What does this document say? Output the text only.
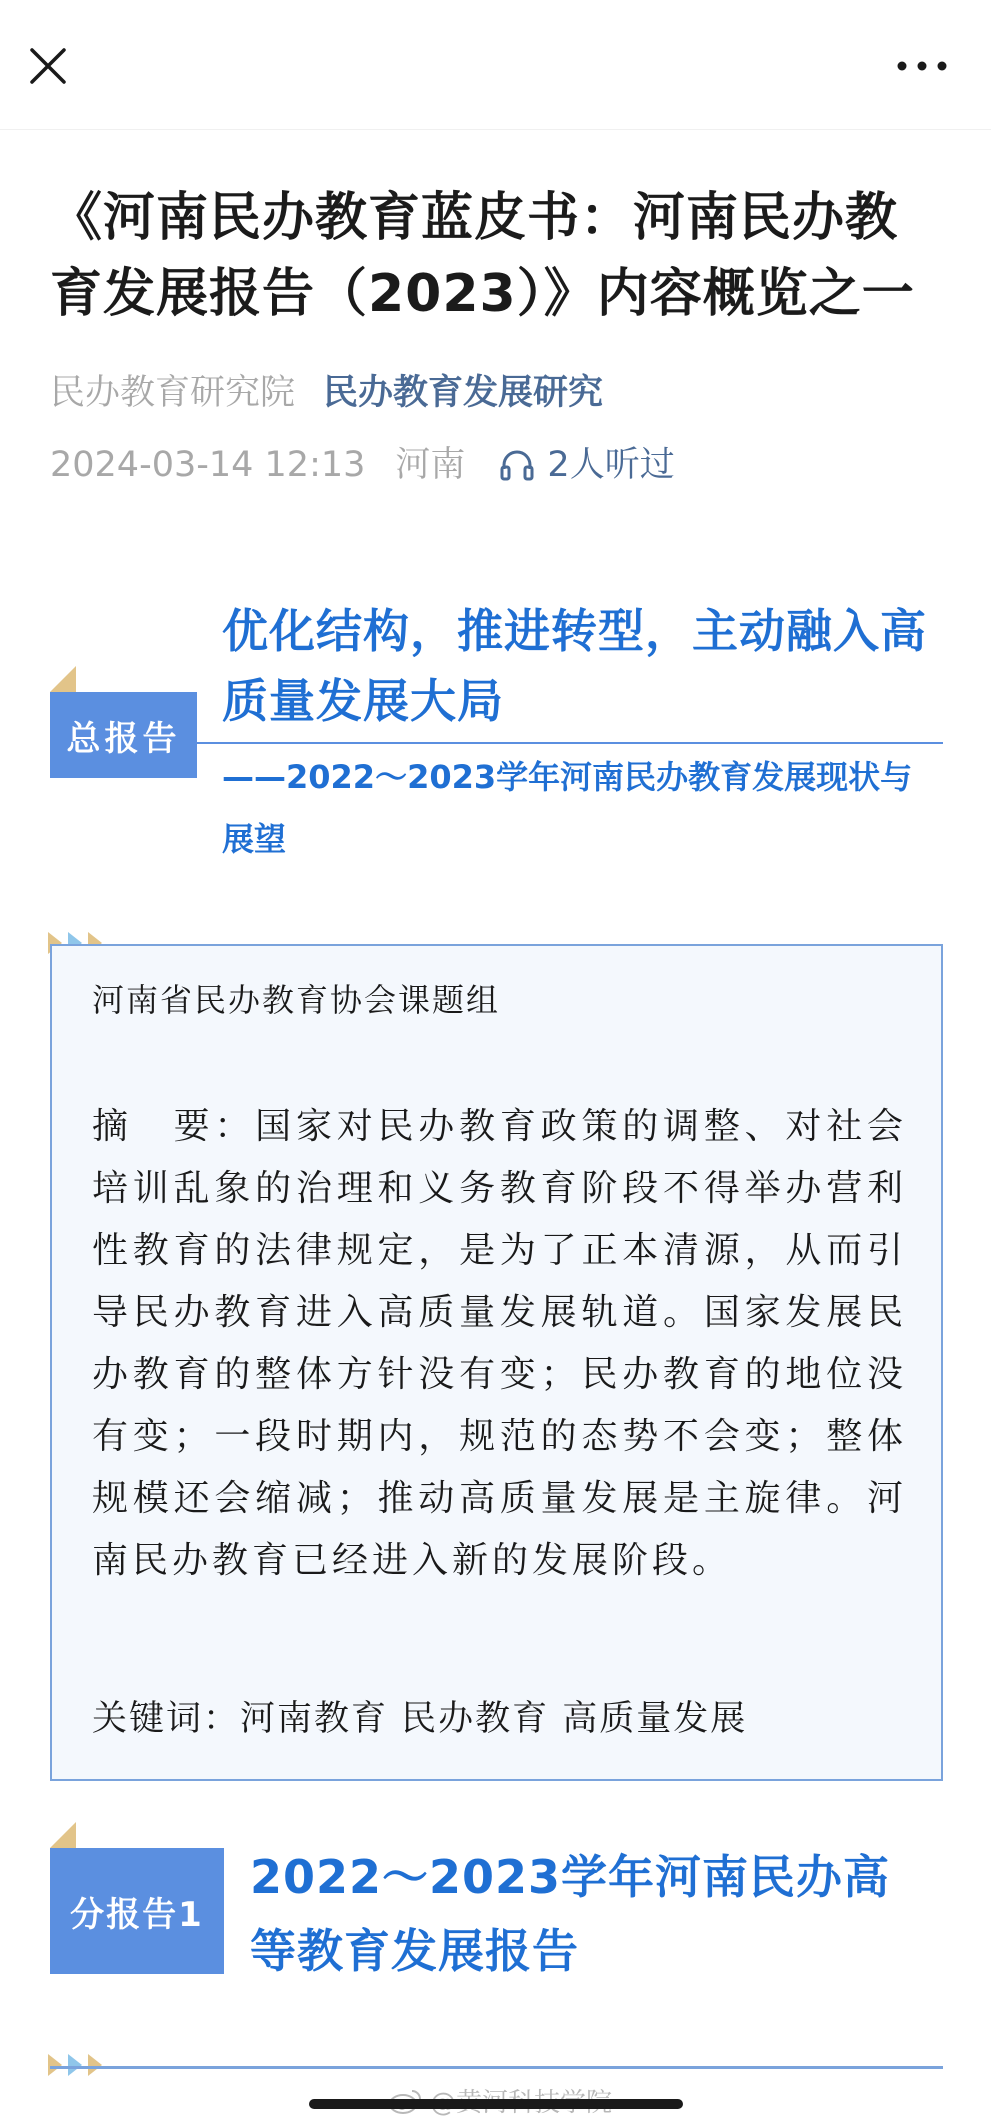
《河南民办教育蓝皮书：河南民办教育发展报告（2023）》内容概览之一
民办教育研究院 民办教育发展研究
2024-03-14 12:13 河南 2人听过
总报告
优化结构，推进转型，主动融入高质量发展大局
——2022～2023学年河南民办教育发展现状与展望
河南省民办教育协会课题组
摘　要：国家对民办教育政策的调整、对社会培训乱象的治理和义务教育阶段不得举办营利性教育的法律规定，是为了正本清源，从而引导民办教育进入高质量发展轨道。国家发展民办教育的整体方针没有变；民办教育的地位没有变；一段时期内，规范的态势不会变；整体规模还会缩减；推动高质量发展是主旋律。河南民办教育已经进入新的发展阶段。
关键词：河南教育 民办教育 高质量发展
分报告1
2022～2023学年河南民办高等教育发展报告
